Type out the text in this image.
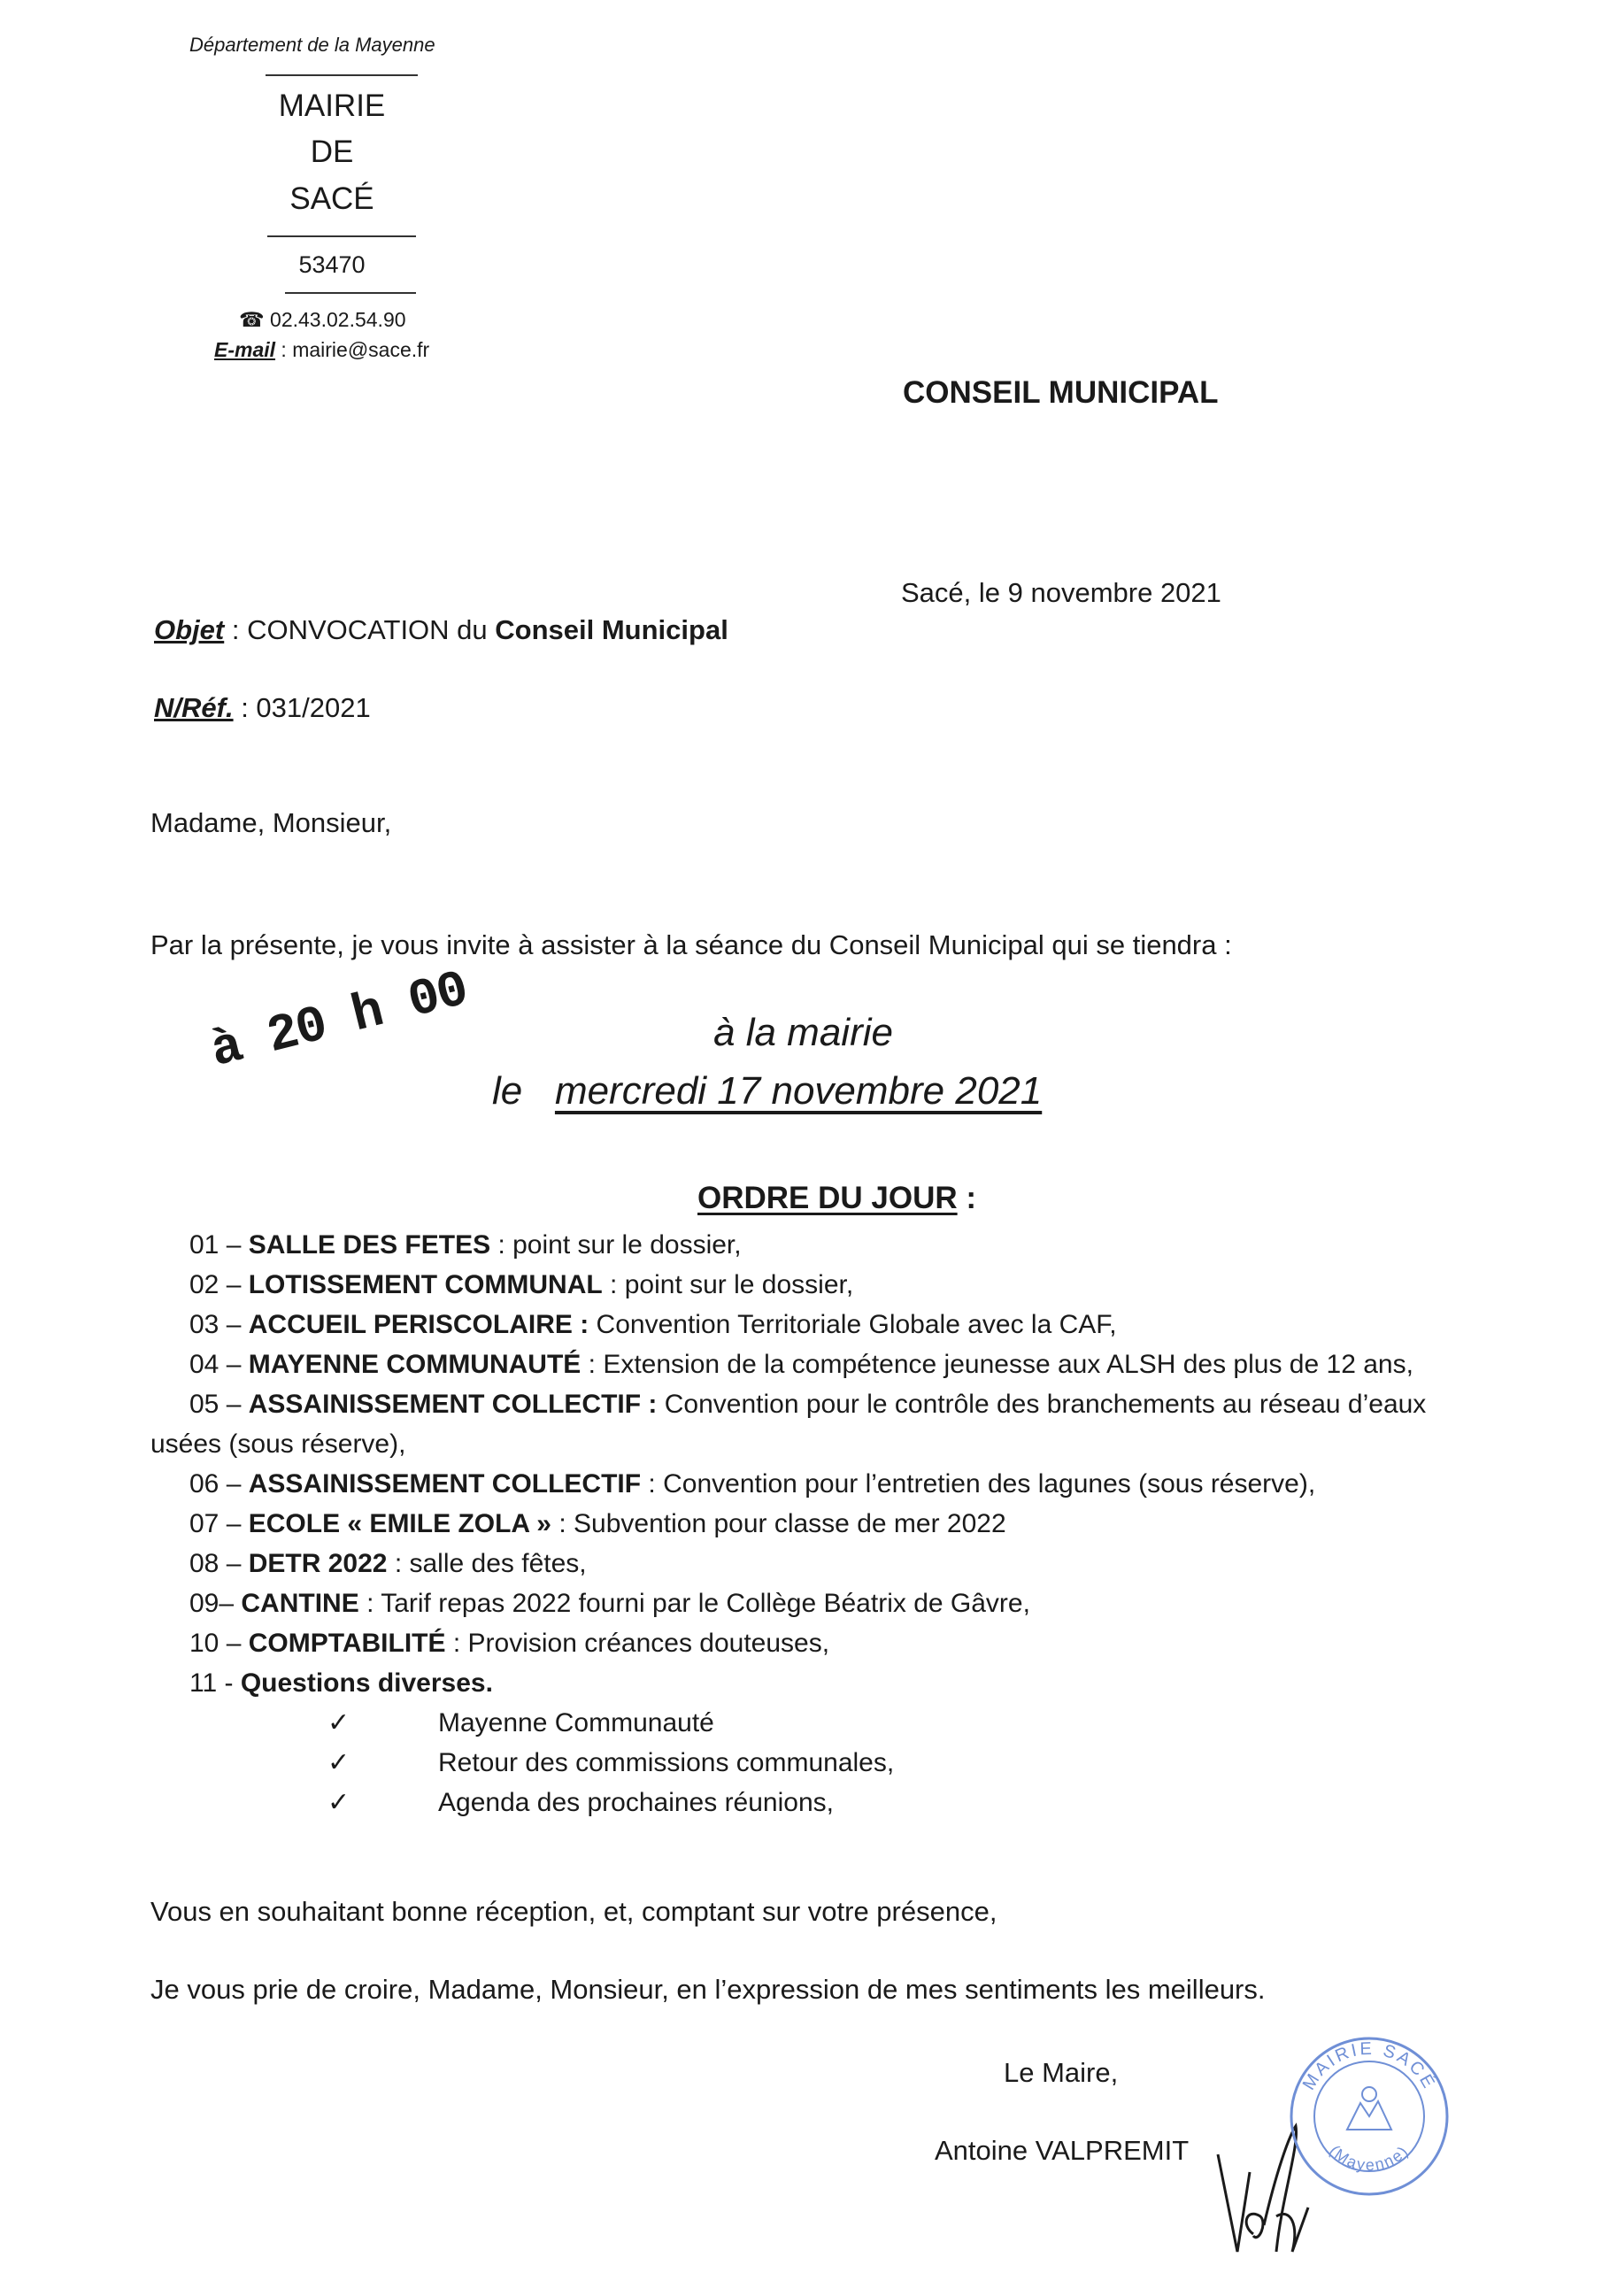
Département de la Mayenne
MAIRIE
DE
SACÉ
53470
☎ 02.43.02.54.90
E-mail : mairie@sace.fr
CONSEIL MUNICIPAL
Sacé, le 9 novembre 2021
Objet : CONVOCATION du Conseil Municipal
N/Réf. : 031/2021
Madame, Monsieur,
Par la présente, je vous invite à assister à la séance du Conseil Municipal qui se tiendra :
à 20 h 00	à la mairie
le mercredi 17 novembre 2021
ORDRE DU JOUR :
01 – SALLE DES FETES : point sur le dossier,
02 – LOTISSEMENT COMMUNAL : point sur le dossier,
03 – ACCUEIL PERISCOLAIRE : Convention Territoriale Globale avec la CAF,
04 – MAYENNE COMMUNAUTÉ : Extension de la compétence jeunesse aux ALSH des plus de 12 ans,
05 – ASSAINISSEMENT COLLECTIF : Convention pour le contrôle des branchements au réseau d’eaux
usées (sous réserve),
06 – ASSAINISSEMENT COLLECTIF : Convention pour l’entretien des lagunes (sous réserve),
07 – ECOLE « EMILE ZOLA » : Subvention pour classe de mer 2022
08 – DETR 2022 : salle des fêtes,
09– CANTINE : Tarif repas 2022 fourni par le Collège Béatrix de Gâvre,
10 – COMPTABILITÉ : Provision créances douteuses,
11 - Questions diverses.
✓	Mayenne Communauté
✓	Retour des commissions communales,
✓	Agenda des prochaines réunions,
Vous en souhaitant bonne réception, et, comptant sur votre présence,
Je vous prie de croire, Madame, Monsieur, en l’expression de mes sentiments les meilleurs.
Le Maire,
Antoine VALPREMIT
MAIRIE SACÉ
(Mayenne)
